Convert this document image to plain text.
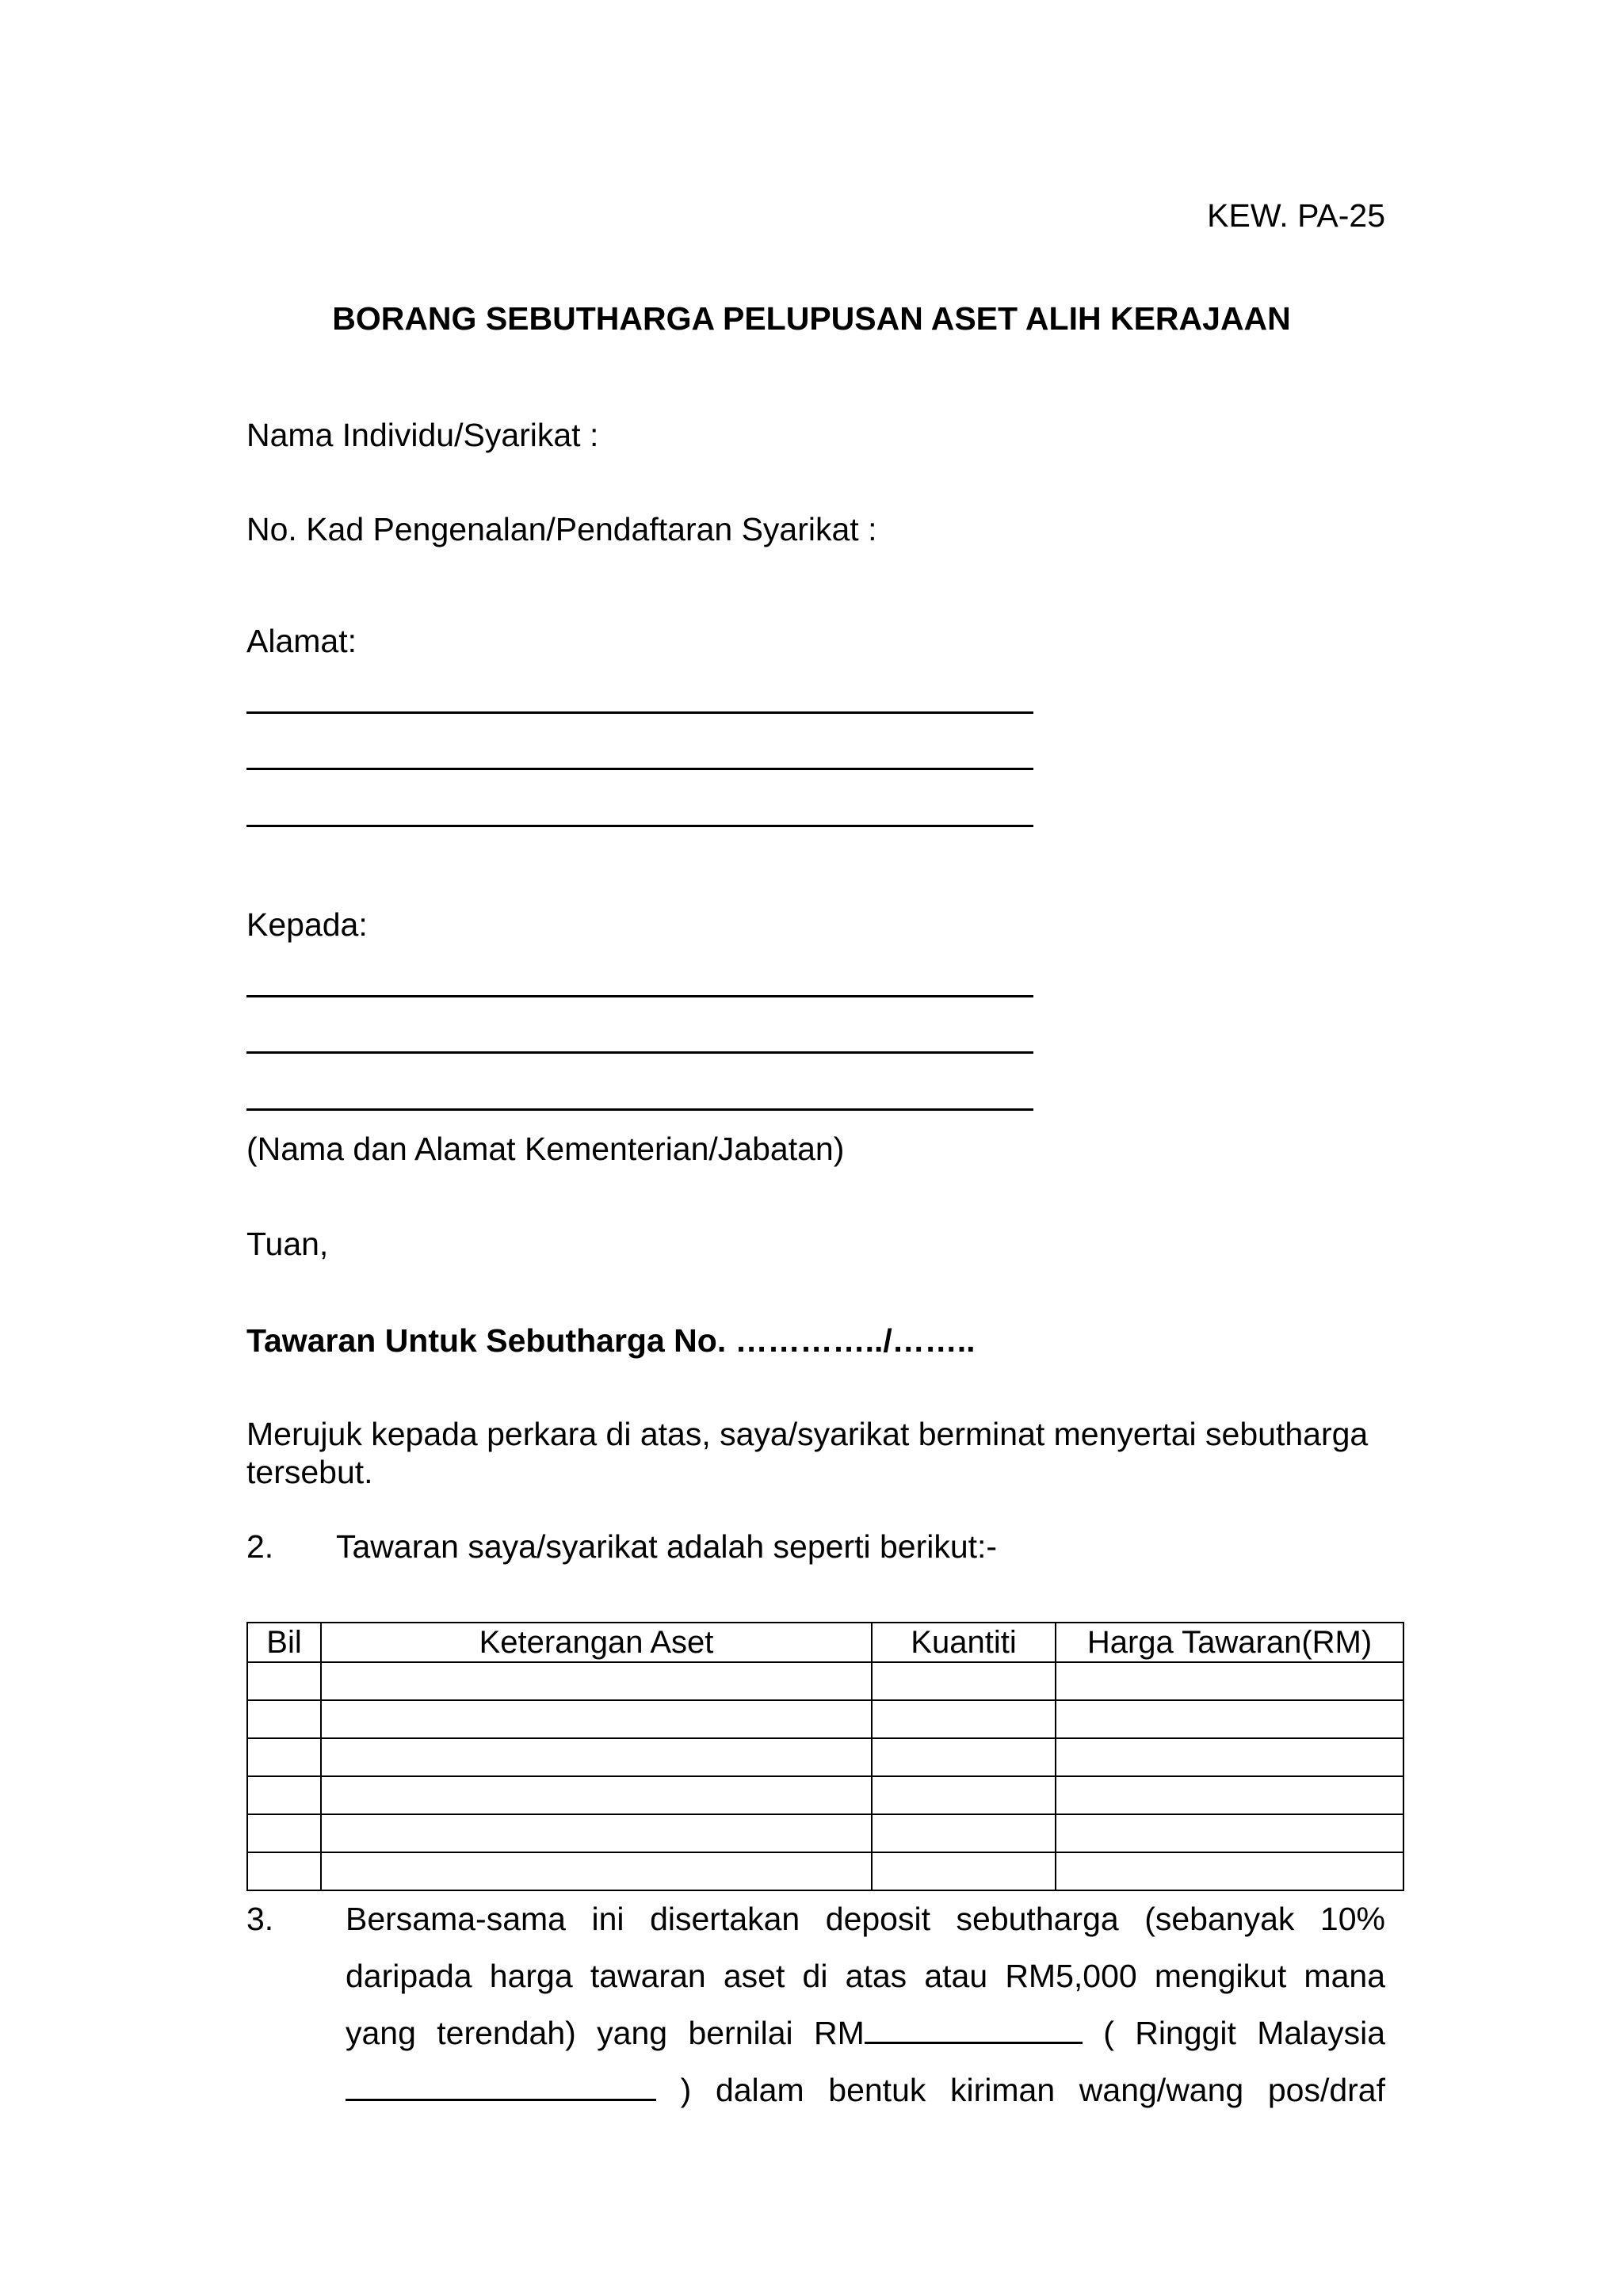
KEW. PA-25
BORANG SEBUTHARGA PELUPUSAN ASET ALIH KERAJAAN
Nama Individu/Syarikat :
No. Kad Pengenalan/Pendaftaran Syarikat :
Alamat:
Kepada:
(Nama dan Alamat Kementerian/Jabatan)
Tuan,
Tawaran Untuk Sebutharga No. …………../……..
Merujuk kepada perkara di atas, saya/syarikat berminat menyertai sebutharga tersebut.
2. Tawaran saya/syarikat adalah seperti berikut:-
Bil	Keterangan Aset	Kuantiti	Harga Tawaran(RM)

3. Bersama-sama ini disertakan deposit sebutharga (sebanyak 10%
daripada harga tawaran aset di atas atau RM5,000 mengikut mana
yang terendah) yang bernilai RM	( Ringgit Malaysia
) dalam bentuk kiriman wang/wang pos/draf
